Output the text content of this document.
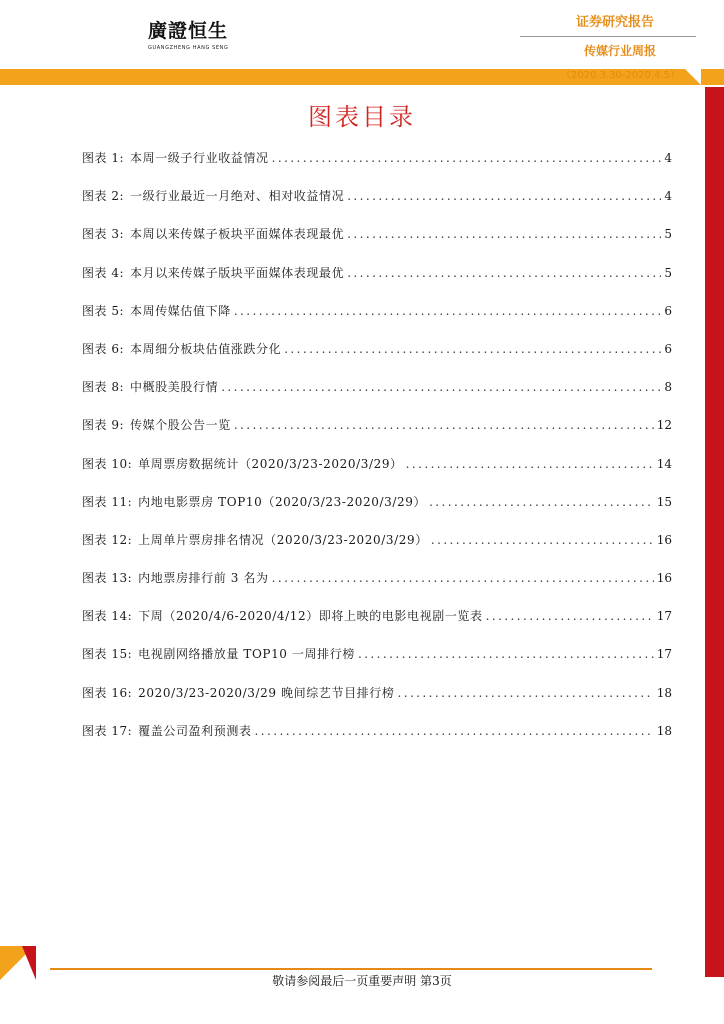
廣證恒生
GUANGZHENG HANG SENG
证券研究报告
传媒行业周报
（2020.3.30-2020.4.5）
图表目录
图表 1: 本周一级子行业收益情况 . . .	4
图表 2: 一级行业最近一月绝对、相对收益情况 . . .	4
图表 3: 本周以来传媒子板块平面媒体表现最优 . . .	5
图表 4: 本月以来传媒子版块平面媒体表现最优 . . .	5
图表 5: 本周传媒估值下降 . . .	6
图表 6: 本周细分板块估值涨跌分化 . . .	6
图表 8: 中概股美股行情 . . .	8
图表 9: 传媒个股公告一览 . . .	12
图表 10: 单周票房数据统计（2020/3/23-2020/3/29） . . .	14
图表 11: 内地电影票房 TOP10（2020/3/23-2020/3/29） . . .	15
图表 12: 上周单片票房排名情况（2020/3/23-2020/3/29） . . .	16
图表 13: 内地票房排行前 3 名为 . . .	16
图表 14: 下周（2020/4/6-2020/4/12）即将上映的电影电视剧一览表 . . .	17
图表 15: 电视剧网络播放量 TOP10 一周排行榜 . . .	17
图表 16: 2020/3/23-2020/3/29 晚间综艺节目排行榜 . . .	18
图表 17: 覆盖公司盈利预测表 . . .	18
敬请参阅最后一页重要声明 第3页
